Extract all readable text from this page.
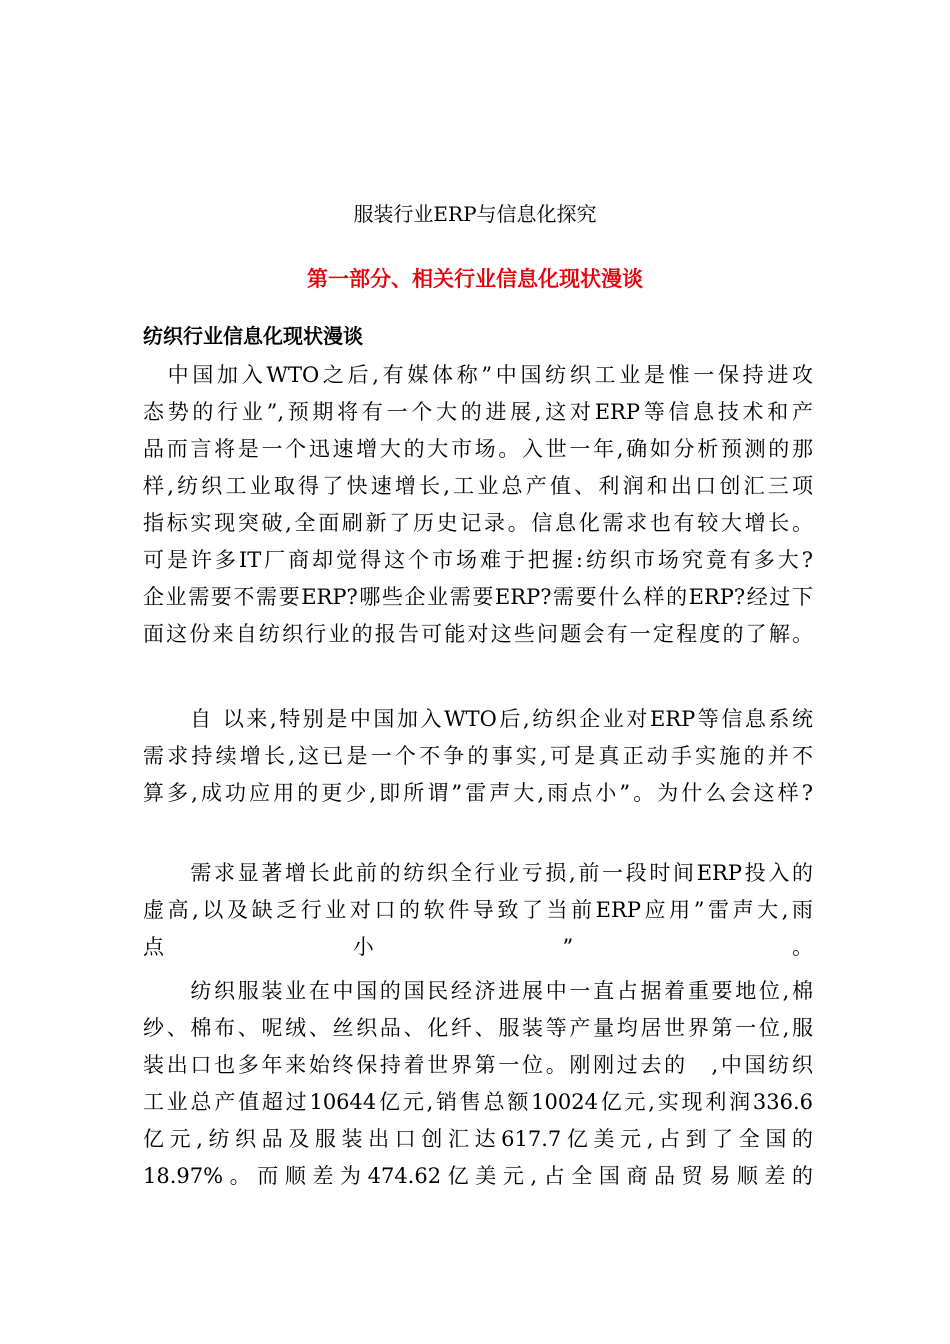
服装行业ERP与信息化探究
第一部分、相关行业信息化现状漫谈
纺织行业信息化现状漫谈
　中国加入WTO之后,有媒体称”中国纺织工业是惟一保持进攻
态势的行业”,预期将有一个大的进展,这对ERP等信息技术和产
品而言将是一个迅速增大的大市场。入世一年,确如分析预测的那
样,纺织工业取得了快速增长,工业总产值、利润和出口创汇三项
指标实现突破,全面刷新了历史记录。信息化需求也有较大增长。
可是许多IT厂商却觉得这个市场难于把握:纺织市场究竟有多大?
企业需要不需要ERP?哪些企业需要ERP?需要什么样的ERP?经过下
面这份来自纺织行业的报告可能对这些问题会有一定程度的了解。
　　自 以来,特别是中国加入WTO后,纺织企业对ERP等信息系统
需求持续增长,这已是一个不争的事实,可是真正动手实施的并不
算多,成功应用的更少,即所谓”雷声大,雨点小”。为什么会这样?
　　需求显著增长此前的纺织全行业亏损,前一段时间ERP投入的
虚高,以及缺乏行业对口的软件导致了当前ERP应用”雷声大,雨
点　　　　　　小　　　　　　”　　　　　　　。
　　纺织服装业在中国的国民经济进展中一直占据着重要地位,棉
纱、棉布、呢绒、丝织品、化纤、服装等产量均居世界第一位,服
装出口也多年来始终保持着世界第一位。刚刚过去的　,中国纺织
工业总产值超过10644亿元,销售总额10024亿元,实现利润336.6
亿元,纺织品及服装出口创汇达617.7亿美元,占到了全国的
18.97%。而顺差为474.62亿美元,占全国商品贸易顺差的
